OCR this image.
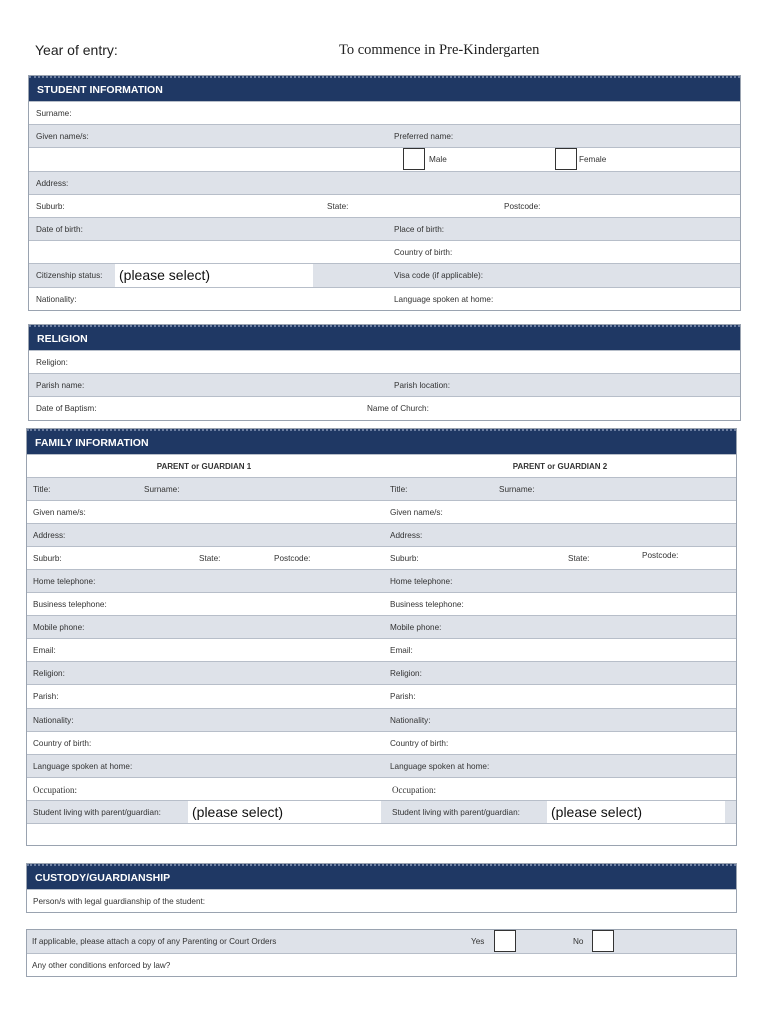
Year of entry:	To commence in Pre-Kindergarten
STUDENT INFORMATION
Surname:
Given name/s:	Preferred name:
Male	Female
Address:
Suburb:	State:	Postcode:
Date of birth:	Place of birth:
Country of birth:
Citizenship status: (please select)	Visa code (if applicable):
Nationality:	Language spoken at home:
RELIGION
Religion:
Parish name:	Parish location:
Date of Baptism:	Name of Church:
FAMILY INFORMATION
PARENT or GUARDIAN 1	PARENT or GUARDIAN 2
Title:	Surname:	Title:	Surname:
Given name/s:	Given name/s:
Address:	Address:
Suburb:	State:	Postcode:	Suburb:	State:	Postcode:
Home telephone:	Home telephone:
Business telephone:	Business telephone:
Mobile phone:	Mobile phone:
Email:	Email:
Religion:	Religion:
Parish:	Parish:
Nationality:	Nationality:
Country of birth:	Country of birth:
Language spoken at home:	Language spoken at home:
Occupation:	Occupation:
Student living with parent/guardian: (please select)	Student living with parent/guardian: (please select)
CUSTODY/GUARDIANSHIP
Person/s with legal guardianship of the student:
If applicable, please attach a copy of any Parenting or Court Orders	Yes	No
Any other conditions enforced by law?
